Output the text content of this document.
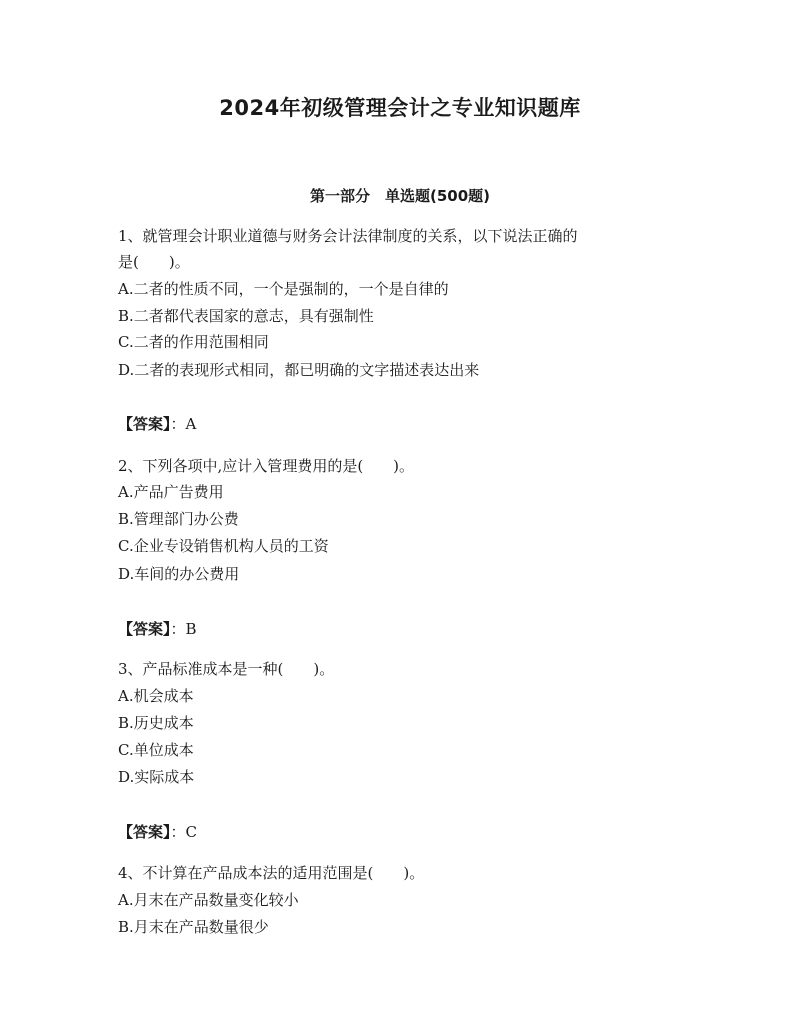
2024年初级管理会计之专业知识题库
第一部分　单选题(500题)

1、就管理会计职业道德与财务会计法律制度的关系，以下说法正确的

是(　　)。

A.二者的性质不同，一个是强制的，一个是自律的

B.二者都代表国家的意志，具有强制性

C.二者的作用范围相同

D.二者的表现形式相同，都已明确的文字描述表达出来

【答案】：A

2、下列各项中,应计入管理费用的是(　　)。

A.产品广告费用

B.管理部门办公费

C.企业专设销售机构人员的工资

D.车间的办公费用

【答案】：B

3、产品标准成本是一种(　　)。

A.机会成本

B.历史成本

C.单位成本

D.实际成本

【答案】：C

4、不计算在产品成本法的适用范围是(　　)。

A.月末在产品数量变化较小

B.月末在产品数量很少
